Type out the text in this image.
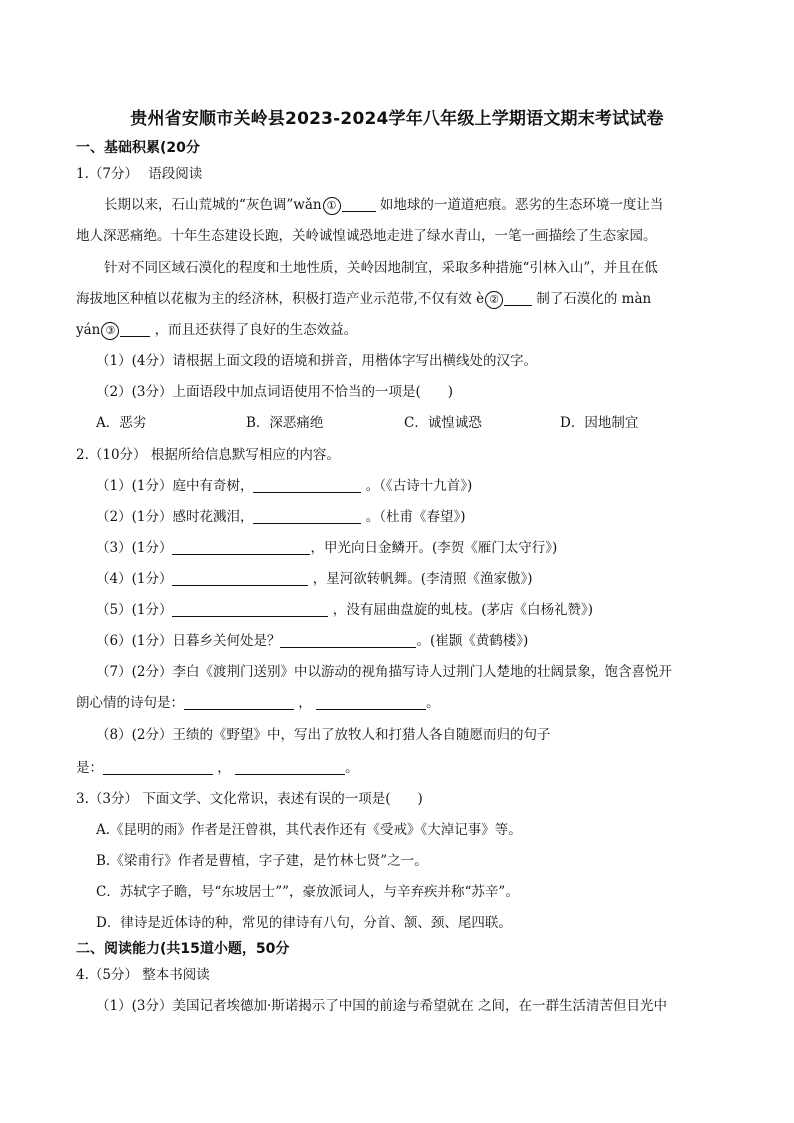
贵州省安顺市关岭县2023-2024学年八年级上学期语文期末考试试卷
一、基础积累(20分
1.（7分） 语段阅读
长期以来，石山荒城的“灰色调”wǎn ①	如地球的一道道疤痕。恶劣的生态环境一度让当
地人深恶痛绝。十年生态建设长跑，关岭诚惶诚恐地走进了绿水青山，一笔一画描绘了生态家园。
针对不同区域石漠化的程度和土地性质，关岭因地制宜，采取多种措施“引林入山”，并且在低
海拔地区种植以花椒为主的经济林，积极打造产业示范带,不仅有效 è ②	制了石漠化的 màn
yán ③	，而且还获得了良好的生态效益。
（1）(4分）请根据上面文段的语境和拼音，用楷体字写出横线处的汉字。
（2）(3分）上面语段中加点词语使用不恰当的一项是(　　)
A．恶劣	B．深恶痛绝	C．诚惶诚恐	D．因地制宜
2.（10分） 根据所给信息默写相应的内容。
（1）(1分）庭中有奇树，	。（《古诗十九首》)
（2）(1分）感时花溅泪，	。（杜甫《春望》)
（3）(1分）	，甲光向日金鳞开。(李贺《雁门太守行》)
（4）(1分）	，星河欲转帆舞。(李清照《渔家傲》)
（5）(1分）	，没有屈曲盘旋的虬枝。(茅店《白杨礼赞》)
（6）(1分）日暮乡关何处是？	。(崔颢《黄鹤楼》)
（7）(2分）李白《渡荆门送别》中以游动的视角描写诗人过荆门人楚地的壮阔景象，饱含喜悦开
朗心情的诗句是：	，	。
（8）(2分）王绩的《野望》中，写出了放牧人和打猎人各自随愿而归的句子
是：	，	。
3.（3分） 下面文学、文化常识，表述有误的一项是(　　)
A.《昆明的雨》作者是汪曾祺，其代表作还有《受戒》《大淖记事》等。
B.《梁甫行》作者是曹植，字子建，是竹林七贤”之一。
C．苏轼字子瞻，号“东坡居士””，豪放派词人，与辛弃疾并称“苏辛”。
D．律诗是近体诗的种，常见的律诗有八句，分首、颔、颈、尾四联。
二、阅读能力(共15道小题，50分
4.（5分） 整本书阅读
（1）(3分）美国记者埃德加·斯诺揭示了中国的前途与希望就在 之间，在一群生活清苦但目光中
